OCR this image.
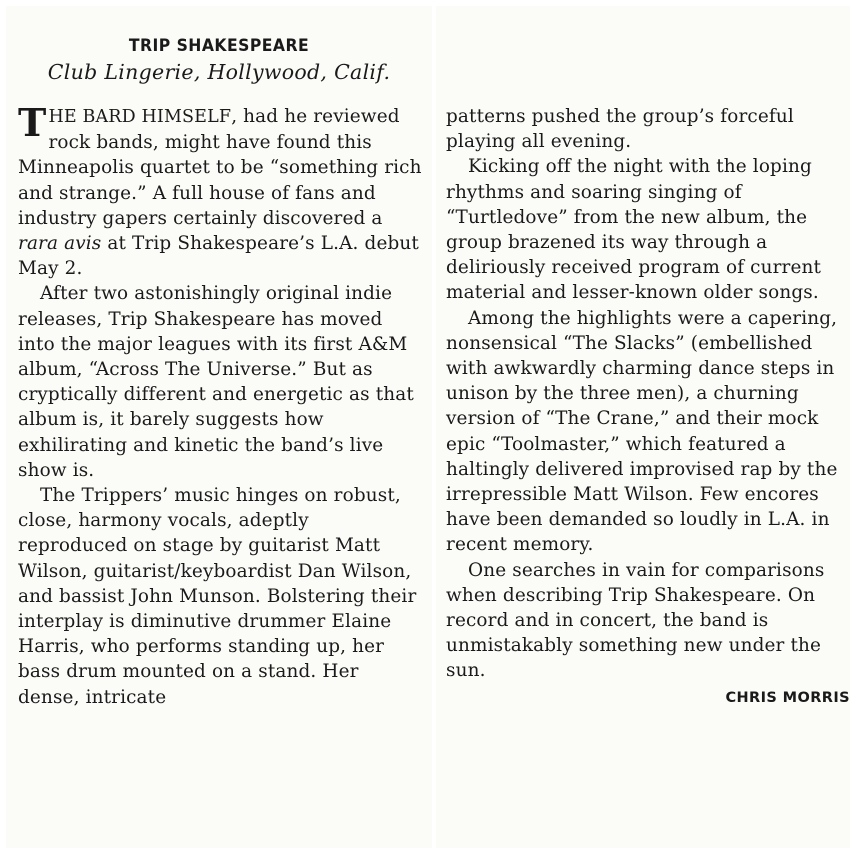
TRIP SHAKESPEARE
Club Lingerie, Hollywood, Calif.

THE BARD HIMSELF, had he reviewed rock bands, might have found this Minneapolis quartet to be “something rich and strange.” A full house of fans and industry gapers certainly discovered a rara avis at Trip Shakespeare’s L.A. debut May 2.

After two astonishingly original indie releases, Trip Shakespeare has moved into the major leagues with its first A&M album, “Across The Universe.” But as cryptically different and energetic as that album is, it barely suggests how exhilirating and kinetic the band’s live show is.

The Trippers’ music hinges on robust, close, harmony vocals, adeptly reproduced on stage by guitarist Matt Wilson, guitarist/keyboardist Dan Wilson, and bassist John Munson. Bolstering their interplay is diminutive drummer Elaine Harris, who performs standing up, her bass drum mounted on a stand. Her dense, intricate

patterns pushed the group’s forceful playing all evening.

Kicking off the night with the loping rhythms and soaring singing of “Turtledove” from the new album, the group brazened its way through a deliriously received program of current material and lesser-known older songs.

Among the highlights were a capering, nonsensical “The Slacks” (embellished with awkwardly charming dance steps in unison by the three men), a churning version of “The Crane,” and their mock epic “Toolmaster,” which featured a haltingly delivered improvised rap by the irrepressible Matt Wilson. Few encores have been demanded so loudly in L.A. in recent memory.

One searches in vain for comparisons when describing Trip Shakespeare. On record and in concert, the band is unmistakably something new under the sun.

CHRIS MORRIS
